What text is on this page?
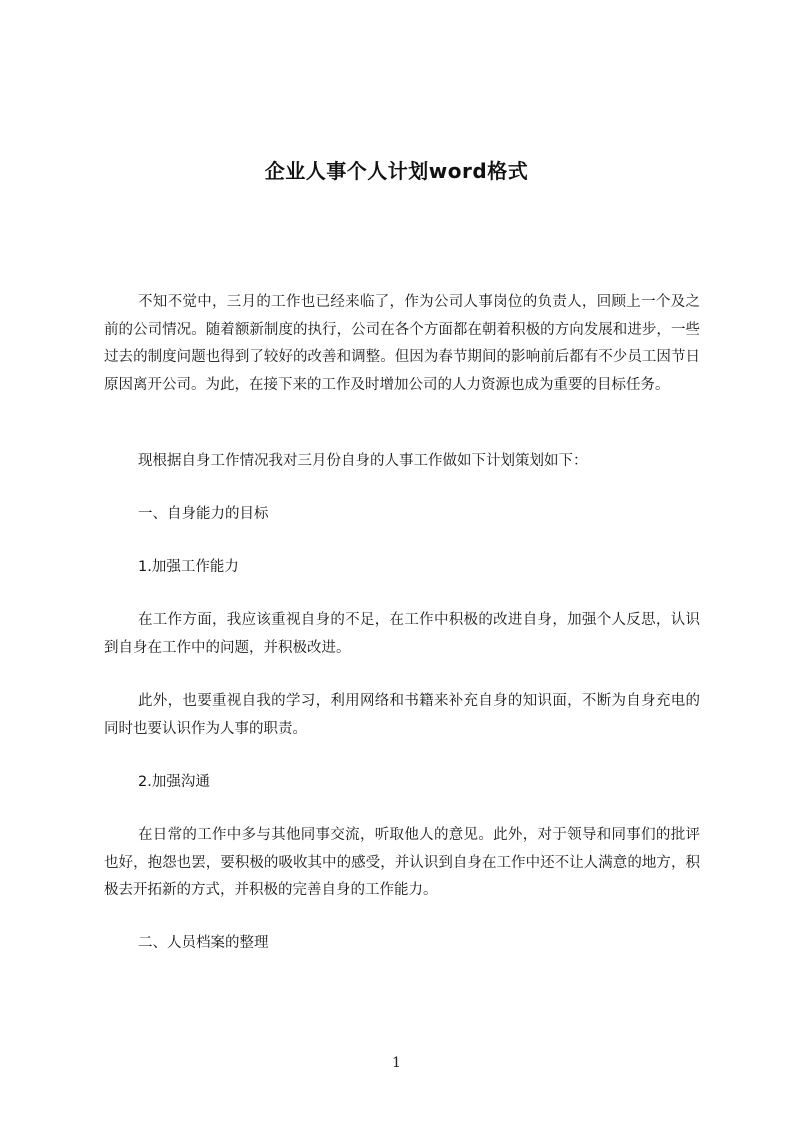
企业人事个人计划word格式

不知不觉中，三月的工作也已经来临了，作为公司人事岗位的负责人，回顾上一个及之前的公司情况。随着额新制度的执行，公司在各个方面都在朝着积极的方向发展和进步，一些过去的制度问题也得到了较好的改善和调整。但因为春节期间的影响前后都有不少员工因节日原因离开公司。为此，在接下来的工作及时增加公司的人力资源也成为重要的目标任务。

现根据自身工作情况我对三月份自身的人事工作做如下计划策划如下：

一、自身能力的目标

1.加强工作能力

在工作方面，我应该重视自身的不足，在工作中积极的改进自身，加强个人反思，认识到自身在工作中的问题，并积极改进。

此外，也要重视自我的学习，利用网络和书籍来补充自身的知识面，不断为自身充电的同时也要认识作为人事的职责。

2.加强沟通

在日常的工作中多与其他同事交流，听取他人的意见。此外，对于领导和同事们的批评也好，抱怨也罢，要积极的吸收其中的感受，并认识到自身在工作中还不让人满意的地方，积极去开拓新的方式，并积极的完善自身的工作能力。

二、人员档案的整理

1
